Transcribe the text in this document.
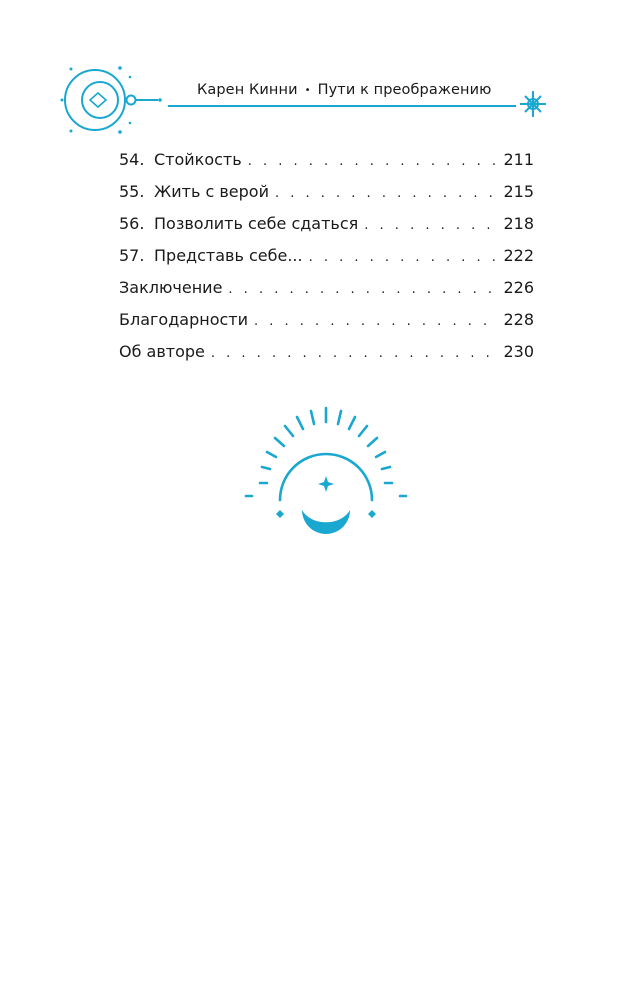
Карен Кинни • Пути к преображению
54. Стойкость . . .	211
55. Жить с верой . . .	215
56. Позволить себе сдаться . . .	218
57. Представь себе... . . .	222
Заключение . . .	226
Благодарности . . .	228
Об авторе . . .	230
